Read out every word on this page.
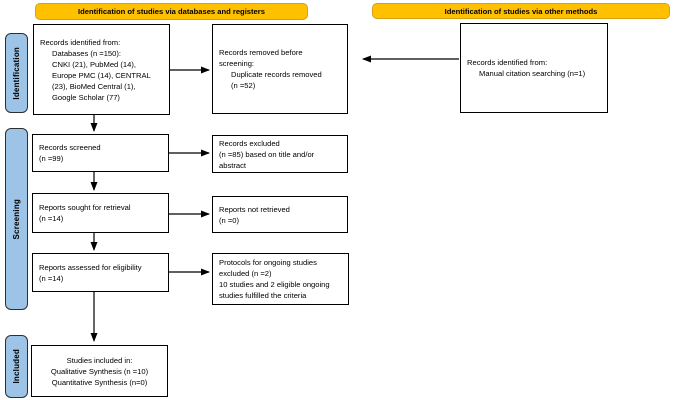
Identification of studies via databases and registers	Identification of studies via other methods
Identification
Screening
Included
Records identified from:
Databases (n =150):
CNKI (21), PubMed (14),
Europe PMC (14), CENTRAL
(23), BioMed Central (1),
Google Scholar (77)
Records screened
(n =99)
Reports sought for retrieval
(n =14)
Reports assessed for eligibility
(n =14)
Studies included in:
Qualitative Synthesis (n =10)
Quantitative Synthesis (n=0)
Records removed before
screening:
Duplicate records removed
(n =52)
Records excluded
(n =85) based on title and/or
abstract
Reports not retrieved
(n =0)
Protocols for ongoing studies
excluded (n =2)
10 studies and 2 eligible ongoing
studies fulfilled the criteria
Records identified from:
Manual citation searching (n=1)
